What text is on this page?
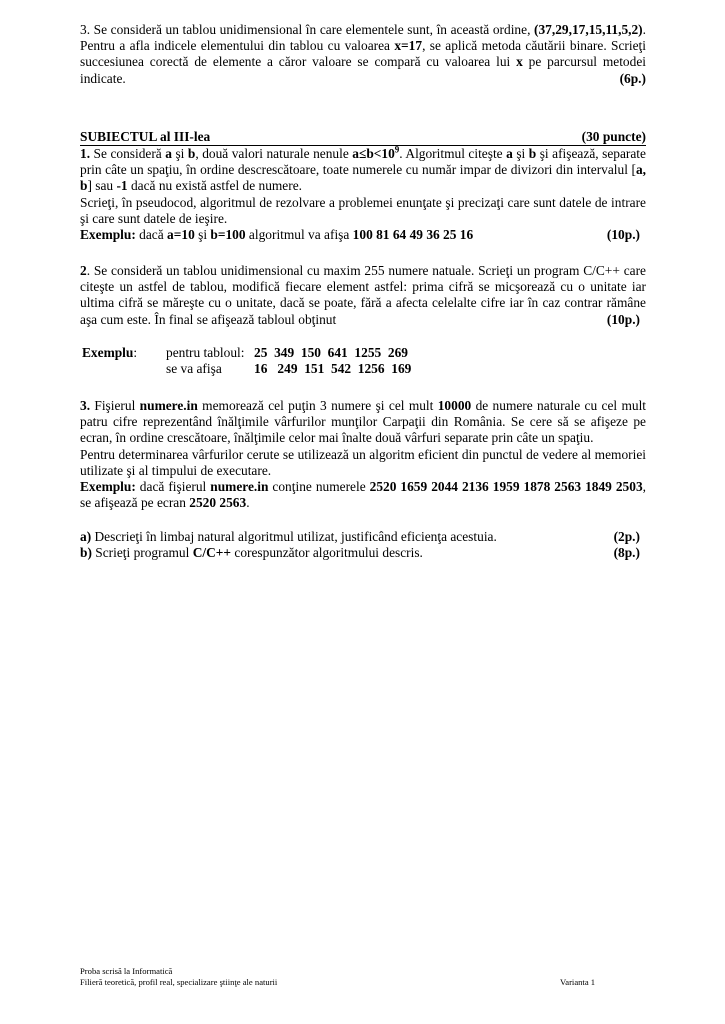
3. Se consideră un tablou unidimensional în care elementele sunt, în această ordine, (37,29,17,15,11,5,2). Pentru a afla indicele elementului din tablou cu valoarea x=17, se aplică metoda căutării binare. Scrieţi succesiunea corectă de elemente a căror valoare se compară cu valoarea lui x pe parcursul metodei indicate.	(6p.)

SUBIECTUL al III-lea	(30 puncte)

1. Se consideră a şi b, două valori naturale nenule $a\le b<10^9$. Algoritmul citeşte a şi b şi afişează, separate prin câte un spaţiu, în ordine descrescătoare, toate numerele cu număr impar de divizori din intervalul [a, b] sau -1 dacă nu există astfel de numere.
Scrieţi, în pseudocod, algoritmul de rezolvare a problemei enunţate şi precizaţi care sunt datele de intrare şi care sunt datele de ieşire.
Exemplu: dacă a=10 şi b=100 algoritmul va afişa 100 81 64 49 36 25 16	(10p.)

2. Se consideră un tablou unidimensional cu maxim 255 numere natuale. Scrieţi un program C/C++ care citeşte un astfel de tablou, modifică fiecare element astfel: prima cifră se micşorează cu o unitate iar ultima cifră se măreşte cu o unitate, dacă se poate, fără a afecta celelalte cifre iar în caz contrar rămâne aşa cum este. În final se afişează tabloul obţinut	(10p.)

Exemplu:	pentru tabloul:	25  349  150  641  1255  269
	se va afişa	16   249  151  542  1256  169

3. Fişierul numere.in memorează cel puţin 3 numere şi cel mult 10000 de numere naturale cu cel mult patru cifre reprezentând înălţimile vârfurilor munţilor Carpaţii din România. Se cere să se afişeze pe ecran, în ordine crescătoare, înălţimile celor mai înalte două vârfuri separate prin câte un spaţiu.
Pentru determinarea vârfurilor cerute se utilizează un algoritm eficient din punctul de vedere al memoriei utilizate şi al timpului de executare.
Exemplu: dacă fişierul numere.in conţine numerele 2520 1659 2044 2136 1959 1878 2563 1849 2503, se afişează pe ecran 2520 2563.

a) Descrieţi în limbaj natural algoritmul utilizat, justificând eficienţa acestuia.	(2p.)
b) Scrieţi programul C/C++ corespunzător algoritmului descris.	(8p.)
Proba scrisă la Informatică
Filieră teoretică, profil real, specializare ştiinţe ale naturii	Varianta 1
